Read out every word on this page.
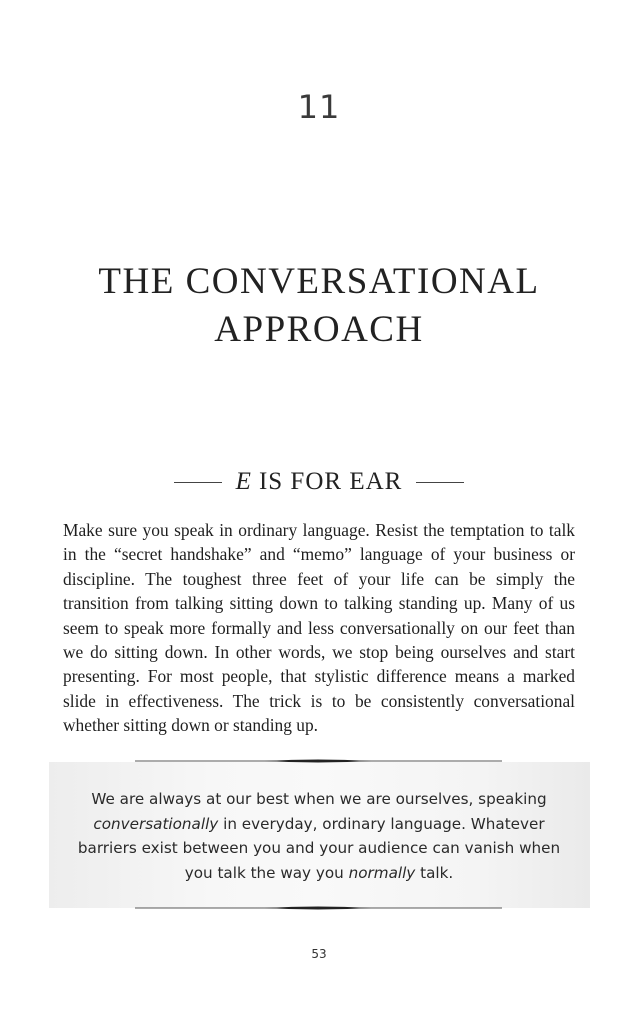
11
THE CONVERSATIONAL
APPROACH
E IS FOR EAR

Make sure you speak in ordinary language. Resist the temptation to talk in the “secret handshake” and “memo” language of your business or discipline. The toughest three feet of your life can be simply the transition from talking sitting down to talking standing up. Many of us seem to speak more formally and less conversationally on our feet than we do sitting down. In other words, we stop being ourselves and start presenting. For most people, that stylistic difference means a marked slide in effectiveness. The trick is to be consistently conversational whether sitting down or standing up.

We are always at our best when we are ourselves, speaking conversationally in everyday, ordinary language. Whatever barriers exist between you and your audience can vanish when you talk the way you normally talk.
53
